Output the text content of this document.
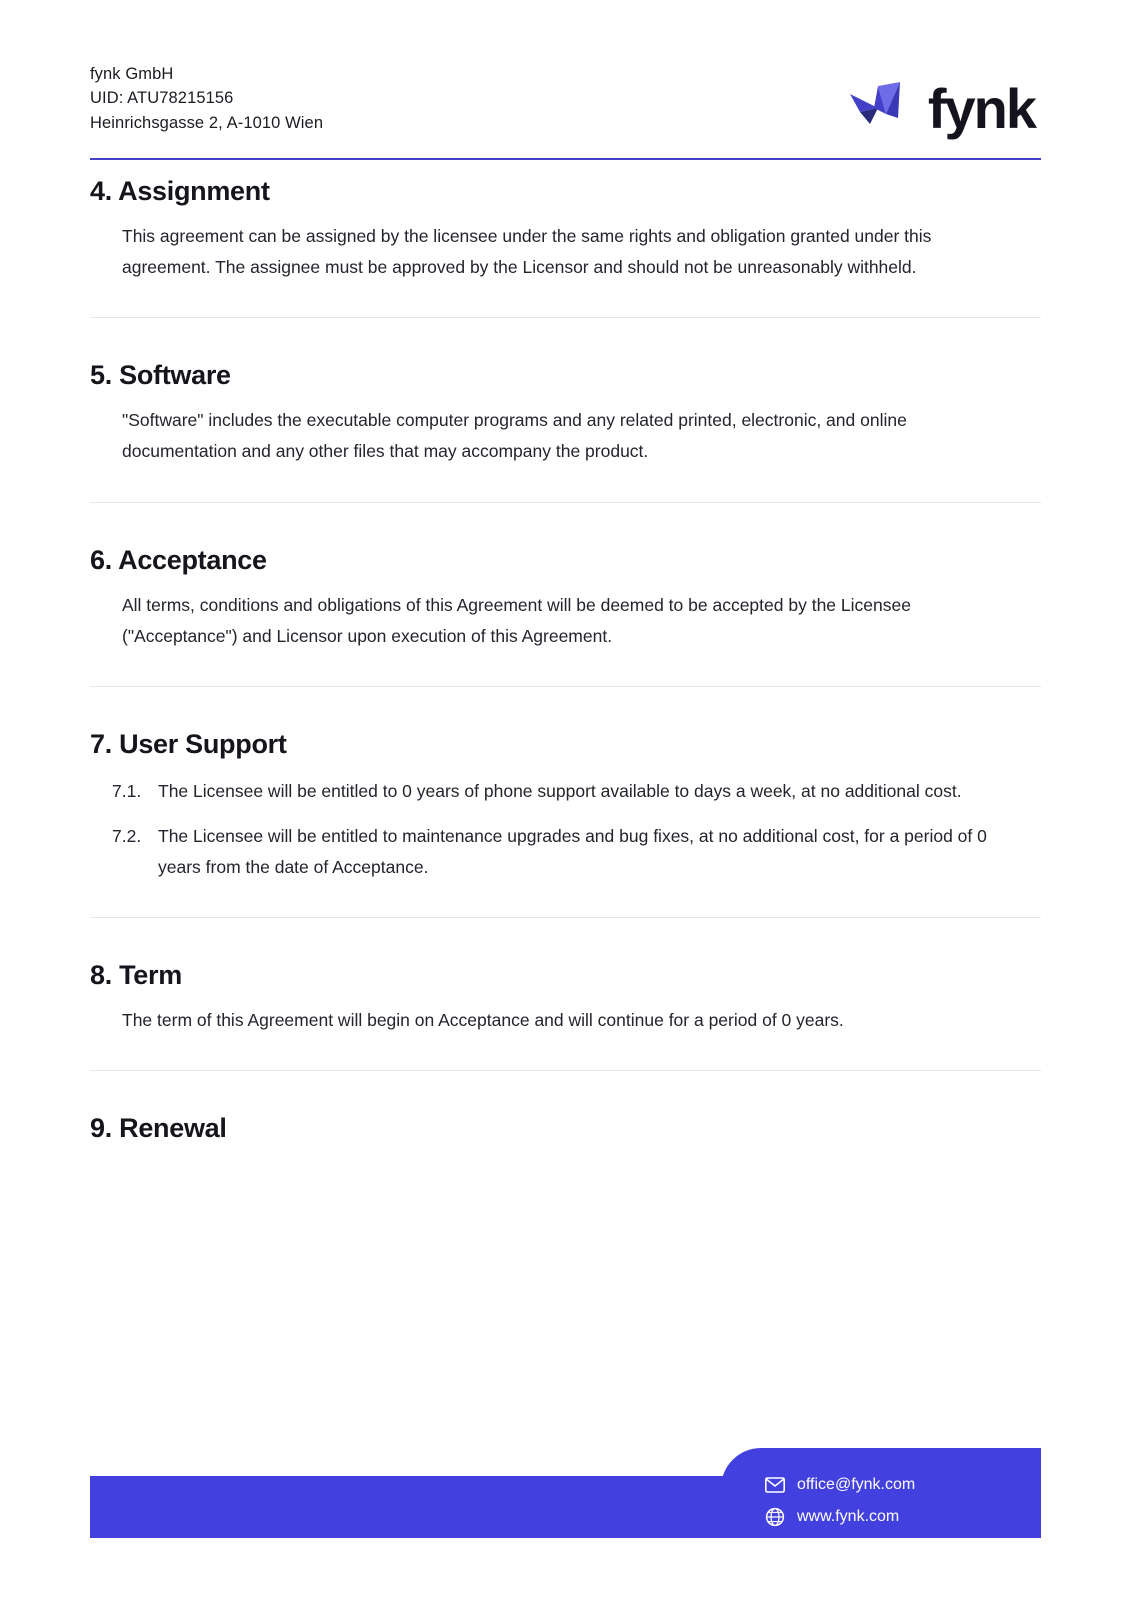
fynk GmbH
UID: ATU78215156
Heinrichsgasse 2, A-1010 Wien	fynk
4. Assignment

This agreement can be assigned by the licensee under the same rights and obligation granted under this agreement. The assignee must be approved by the Licensor and should not be unreasonably withheld.

5. Software

"Software" includes the executable computer programs and any related printed, electronic, and online documentation and any other files that may accompany the product.

6. Acceptance

All terms, conditions and obligations of this Agreement will be deemed to be accepted by the Licensee ("Acceptance") and Licensor upon execution of this Agreement.

7. User Support
7.1. The Licensee will be entitled to 0 years of phone support available to days a week, at no additional cost.
7.2. The Licensee will be entitled to maintenance upgrades and bug fixes, at no additional cost, for a period of 0 years from the date of Acceptance.
8. Term

The term of this Agreement will begin on Acceptance and will continue for a period of 0 years.

9. Renewal
office@fynk.com
www.fynk.com
